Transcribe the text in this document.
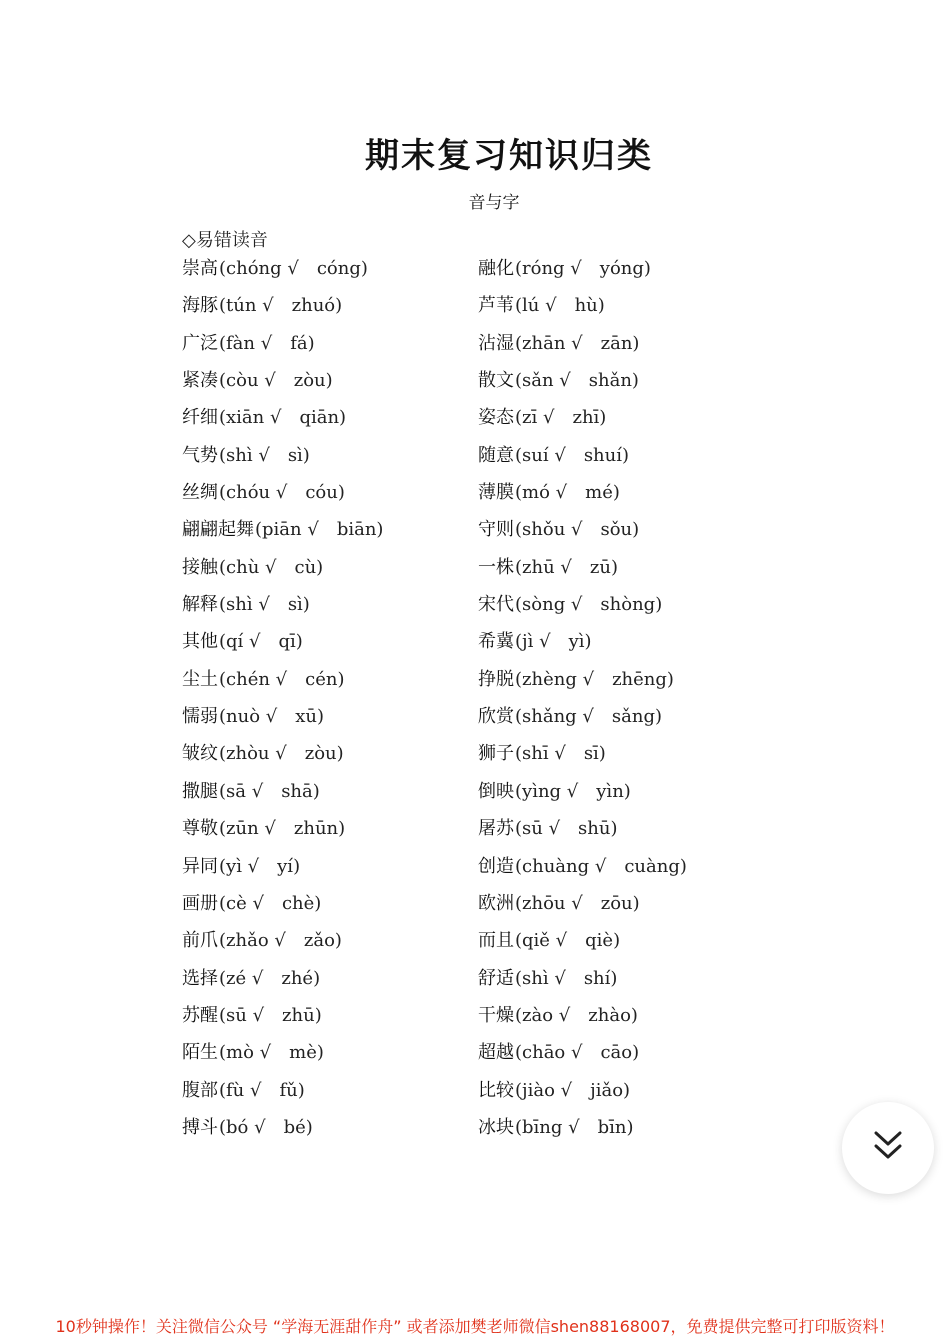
期末复习知识归类
音与字
◇易错读音
崇高(chóng √ cóng)
海豚(tún √ zhuó)
广泛(fàn √ fá)
紧凑(còu √ zòu)
纤细(xiān √ qiān)
气势(shì √ sì)
丝绸(chóu √ cóu)
翩翩起舞(piān √ biān)
接触(chù √ cù)
解释(shì √ sì)
其他(qí √ qī)
尘土(chén √ cén)
懦弱(nuò √ xū)
皱纹(zhòu √ zòu)
撒腿(sā √ shā)
尊敬(zūn √ zhūn)
异同(yì √ yí)
画册(cè √ chè)
前爪(zhǎo √ zǎo)
选择(zé √ zhé)
苏醒(sū √ zhū)
陌生(mò √ mè)
腹部(fù √ fǔ)
搏斗(bó √ bé)
融化(róng √ yóng)
芦苇(lú √ hù)
沾湿(zhān √ zān)
散文(sǎn √ shǎn)
姿态(zī √ zhī)
随意(suí √ shuí)
薄膜(mó √ mé)
守则(shǒu √ sǒu)
一株(zhū √ zū)
宋代(sòng √ shòng)
希冀(jì √ yì)
挣脱(zhèng √ zhēng)
欣赏(shǎng √ sǎng)
狮子(shī √ sī)
倒映(yìng √ yìn)
屠苏(sū √ shū)
创造(chuàng √ cuàng)
欧洲(zhōu √ zōu)
而且(qiě √ qiè)
舒适(shì √ shí)
干燥(zào √ zhào)
超越(chāo √ cāo)
比较(jiào √ jiǎo)
冰块(bīng √ bīn)
10秒钟操作！关注微信公众号 “学海无涯甜作舟” 或者添加樊老师微信shen88168007，免费提供完整可打印版资料！
